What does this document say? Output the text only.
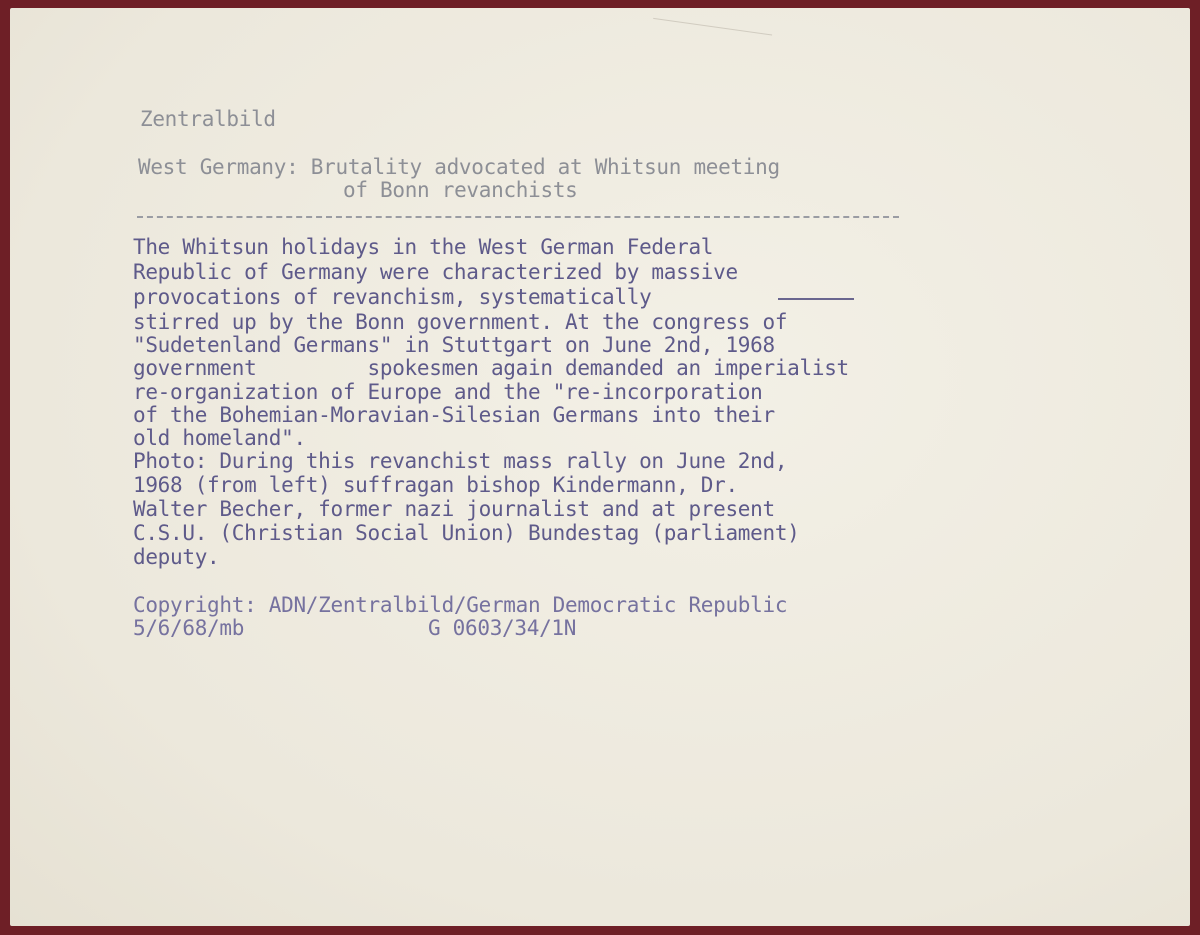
Zentralbild
West Germany: Brutality advocated at Whitsun meeting
of Bonn revanchists
The Whitsun holidays in the West German Federal
Republic of Germany were characterized by massive
provocations of revanchism, systematically
stirred up by the Bonn government. At the congress of
"Sudetenland Germans" in Stuttgart on June 2nd, 1968
government         spokesmen again demanded an imperialist
re-organization of Europe and the "re-incorporation
of the Bohemian-Moravian-Silesian Germans into their
old homeland".
Photo: During this revanchist mass rally on June 2nd,
1968 (from left) suffragan bishop Kindermann, Dr.
Walter Becher, former nazi journalist and at present
C.S.U. (Christian Social Union) Bundestag (parliament)
deputy.
Copyright: ADN/Zentralbild/German Democratic Republic
5/6/68/mb	G 0603/34/1N
